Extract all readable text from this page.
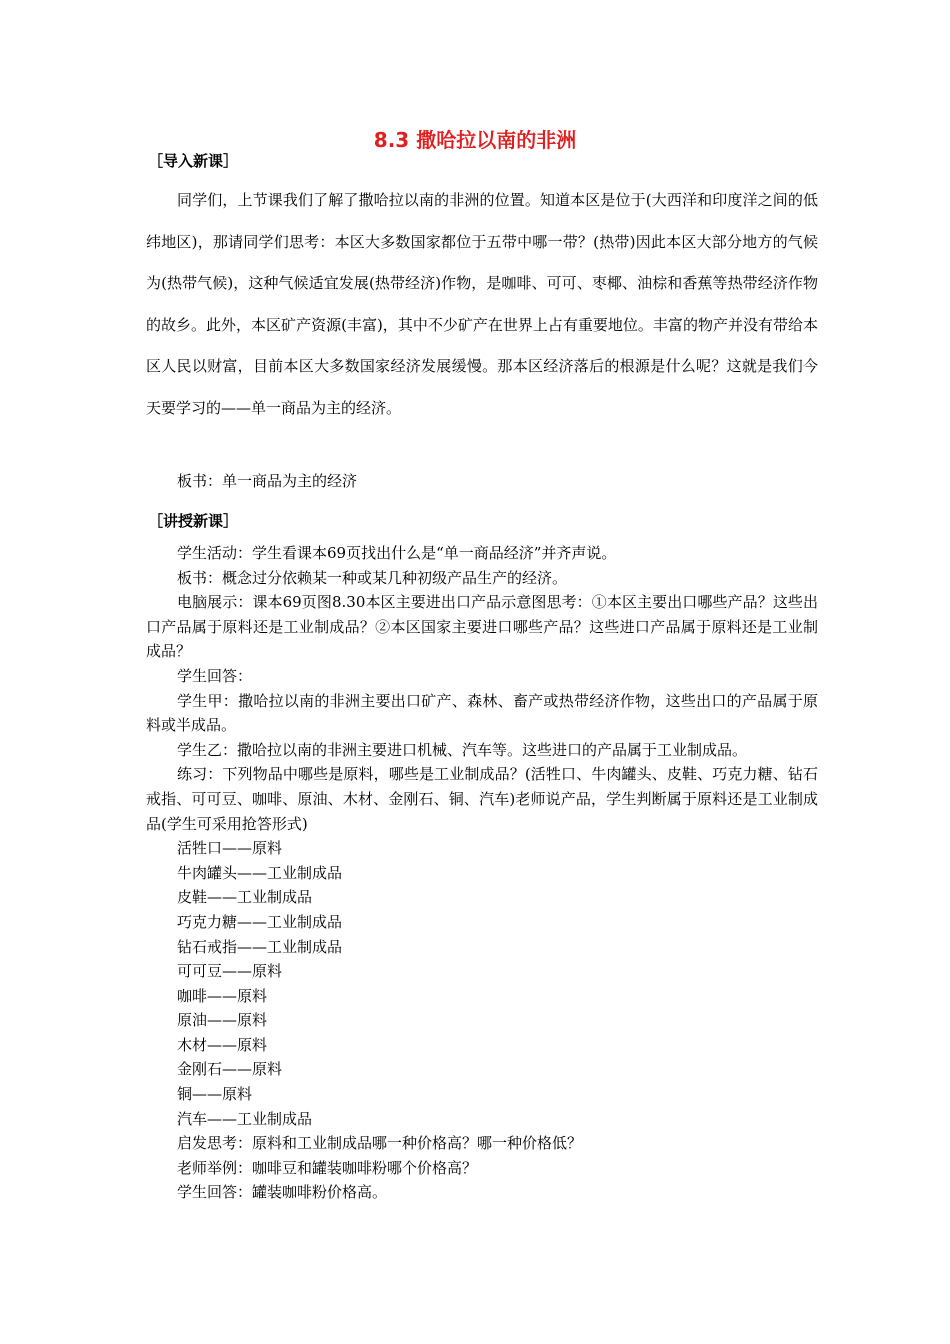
8.3 撒哈拉以南的非洲
［导入新课］

同学们，上节课我们了解了撒哈拉以南的非洲的位置。知道本区是位于(大西洋和印度洋之间的低纬地区)，那请同学们思考：本区大多数国家都位于五带中哪一带？(热带)因此本区大部分地方的气候为(热带气候)，这种气候适宜发展(热带经济)作物，是咖啡、可可、枣椰、油棕和香蕉等热带经济作物的故乡。此外，本区矿产资源(丰富)，其中不少矿产在世界上占有重要地位。丰富的物产并没有带给本区人民以财富，目前本区大多数国家经济发展缓慢。那本区经济落后的根源是什么呢？这就是我们今天要学习的——单一商品为主的经济。

板书：单一商品为主的经济
［讲授新课］

学生活动：学生看课本69页找出什么是“单一商品经济”并齐声说。

板书：概念过分依赖某一种或某几种初级产品生产的经济。

电脑展示：课本69页图8.30本区主要进出口产品示意图思考：①本区主要出口哪些产品？这些出口产品属于原料还是工业制成品？②本区国家主要进口哪些产品？这些进口产品属于原料还是工业制成品？

学生回答：

学生甲：撒哈拉以南的非洲主要出口矿产、森林、畜产或热带经济作物，这些出口的产品属于原料或半成品。

学生乙：撒哈拉以南的非洲主要进口机械、汽车等。这些进口的产品属于工业制成品。

练习：下列物品中哪些是原料，哪些是工业制成品？(活牲口、牛肉罐头、皮鞋、巧克力糖、钻石戒指、可可豆、咖啡、原油、木材、金刚石、铜、汽车)老师说产品，学生判断属于原料还是工业制成品(学生可采用抢答形式)

活牲口——原料

牛肉罐头——工业制成品

皮鞋——工业制成品

巧克力糖——工业制成品

钻石戒指——工业制成品

可可豆——原料

咖啡——原料

原油——原料

木材——原料

金刚石——原料

铜——原料

汽车——工业制成品

启发思考：原料和工业制成品哪一种价格高？哪一种价格低？

老师举例：咖啡豆和罐装咖啡粉哪个价格高？

学生回答：罐装咖啡粉价格高。
